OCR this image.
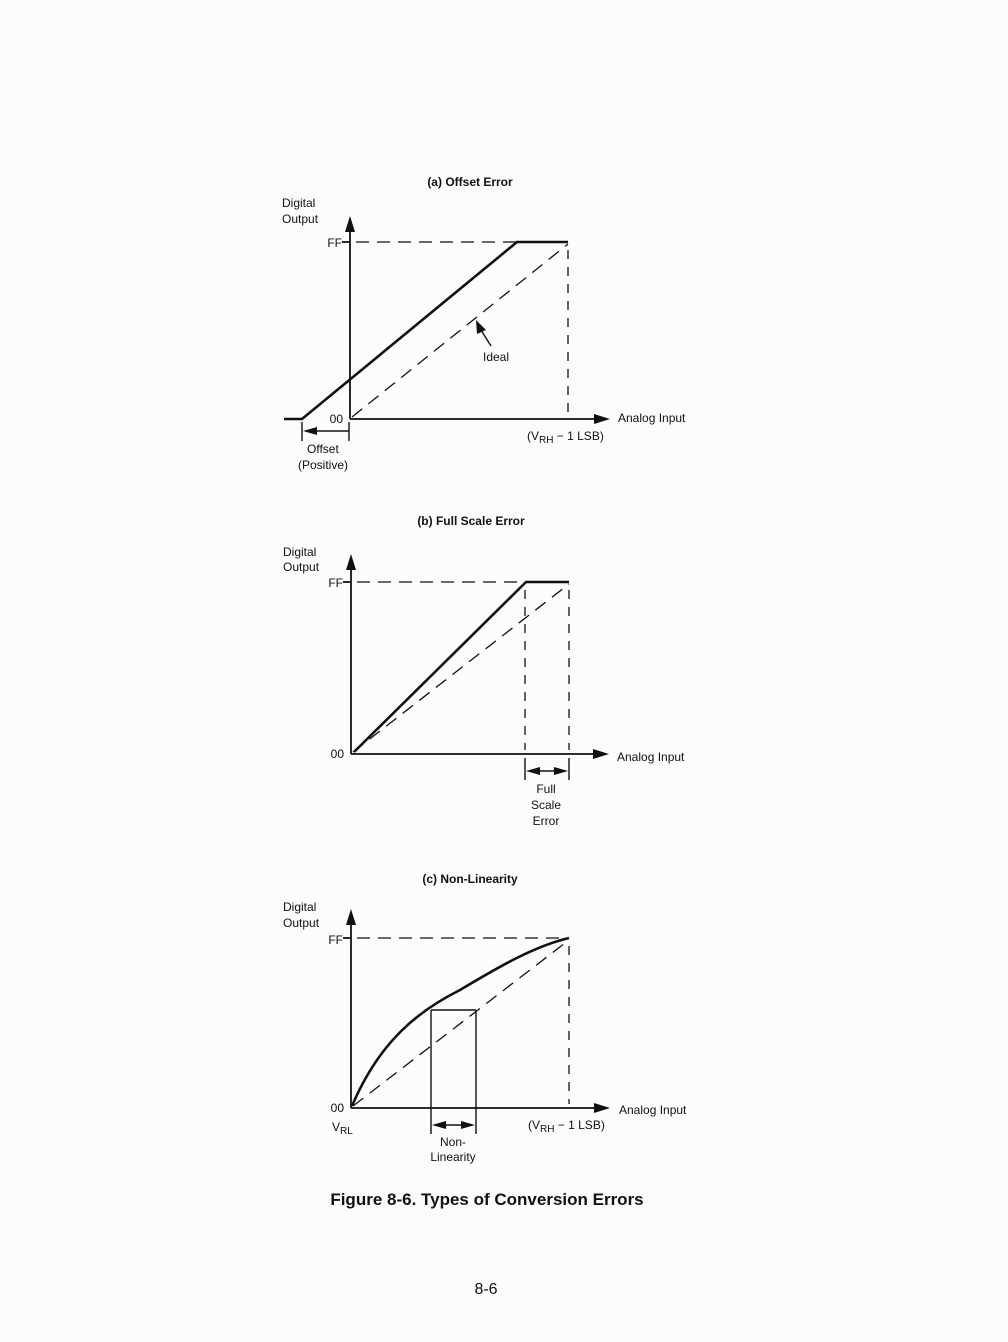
(a) Offset Error
Digital
Output
FF
00
Ideal
($V_{RH} - 1$ LSB)
Analog Input
Offset
(Positive)
(b) Full Scale Error
Digital
Output
FF
00	Analog Input
Full
Scale
Error
(c) Non-Linearity
Digital
Output
FF
00
Non-
Linearity
$V_{RL}$	($V_{RH} - 1$ LSB)
Analog Input
Figure 8-6. Types of Conversion Errors
8-6
